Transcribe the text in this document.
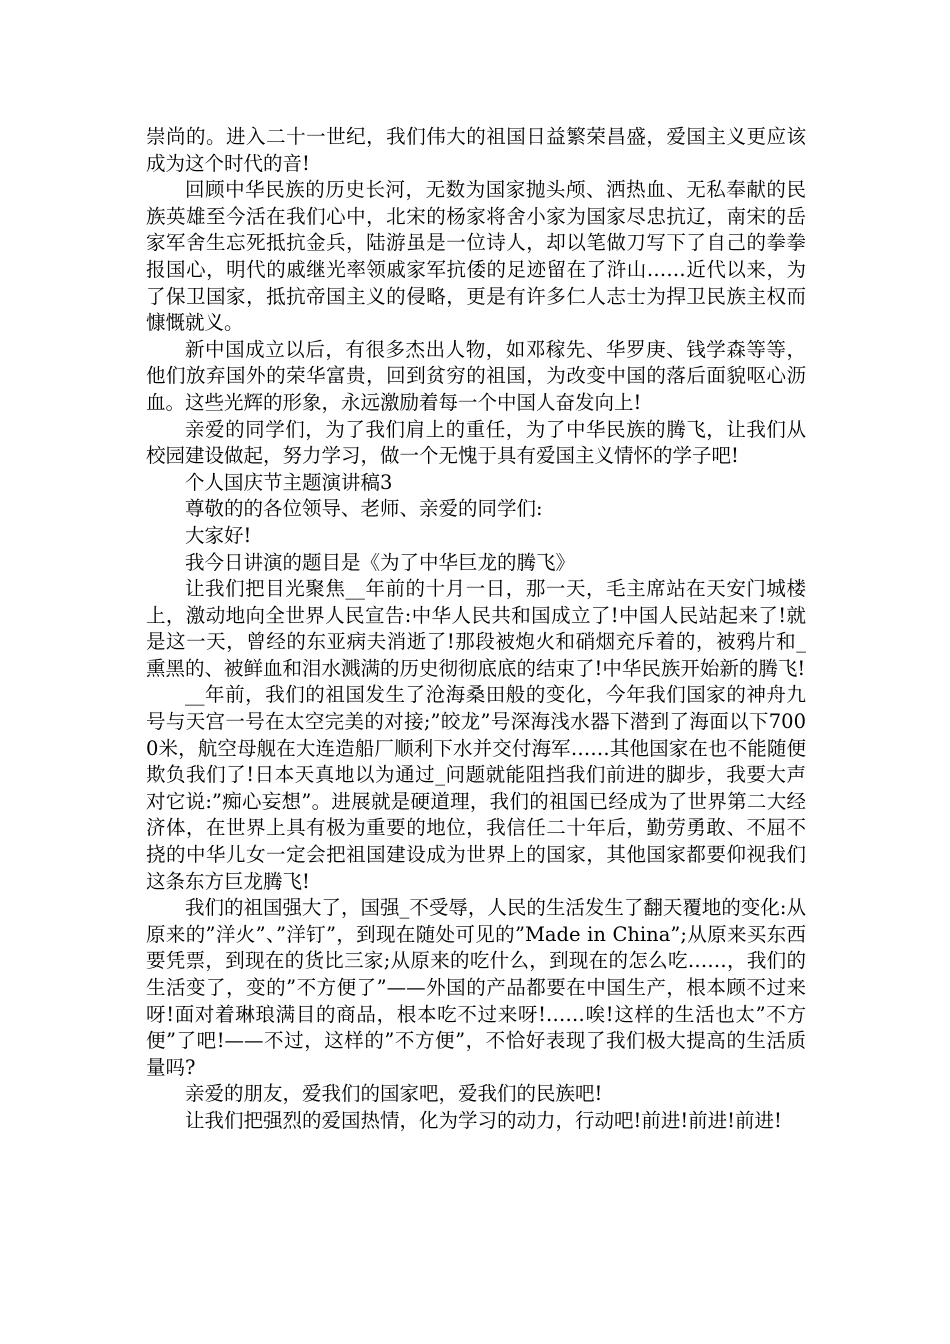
崇尚的。进入二十一世纪，我们伟大的祖国日益繁荣昌盛，爱国主义更应该成为这个时代的音!

回顾中华民族的历史长河，无数为国家抛头颅、洒热血、无私奉献的民族英雄至今活在我们心中，北宋的杨家将舍小家为国家尽忠抗辽，南宋的岳家军舍生忘死抵抗金兵，陆游虽是一位诗人，却以笔做刀写下了自己的拳拳报国心，明代的戚继光率领戚家军抗倭的足迹留在了浒山……近代以来，为了保卫国家，抵抗帝国主义的侵略，更是有许多仁人志士为捍卫民族主权而慷慨就义。

新中国成立以后，有很多杰出人物，如邓稼先、华罗庚、钱学森等等，他们放弃国外的荣华富贵，回到贫穷的祖国，为改变中国的落后面貌呕心沥血。这些光辉的形象，永远激励着每一个中国人奋发向上!

亲爱的同学们，为了我们肩上的重任，为了中华民族的腾飞，让我们从校园建设做起，努力学习，做一个无愧于具有爱国主义情怀的学子吧!

个人国庆节主题演讲稿3

尊敬的的各位领导、老师、亲爱的同学们:

大家好!

我今日讲演的题目是《为了中华巨龙的腾飞》

让我们把目光聚焦__年前的十月一日，那一天，毛主席站在天安门城楼上，激动地向全世界人民宣告:中华人民共和国成立了!中国人民站起来了!就是这一天，曾经的东亚病夫消逝了!那段被炮火和硝烟充斥着的，被鸦片和_熏黑的、被鲜血和泪水溅满的历史彻彻底底的结束了!中华民族开始新的腾飞!

__年前，我们的祖国发生了沧海桑田般的变化，今年我们国家的神舟九号与天宫一号在太空完美的对接;”皎龙”号深海浅水器下潜到了海面以下7000米，航空母舰在大连造船厂顺利下水并交付海军……其他国家在也不能随便欺负我们了!日本天真地以为通过_问题就能阻挡我们前进的脚步，我要大声对它说:”痴心妄想”。进展就是硬道理，我们的祖国已经成为了世界第二大经济体，在世界上具有极为重要的地位，我信任二十年后，勤劳勇敢、不屈不挠的中华儿女一定会把祖国建设成为世界上的国家，其他国家都要仰视我们这条东方巨龙腾飞!

我们的祖国强大了，国强_不受辱，人民的生活发生了翻天覆地的变化:从原来的”洋火”、”洋钉”，到现在随处可见的”Made in China”;从原来买东西要凭票，到现在的货比三家;从原来的吃什么，到现在的怎么吃……，我们的生活变了，变的”不方便了”——外国的产品都要在中国生产，根本顾不过来呀!面对着琳琅满目的商品，根本吃不过来呀!……唉!这样的生活也太”不方便”了吧!——不过，这样的”不方便”，不恰好表现了我们极大提高的生活质量吗?

亲爱的朋友，爱我们的国家吧，爱我们的民族吧!

让我们把强烈的爱国热情，化为学习的动力，行动吧!前进!前进!前进!
